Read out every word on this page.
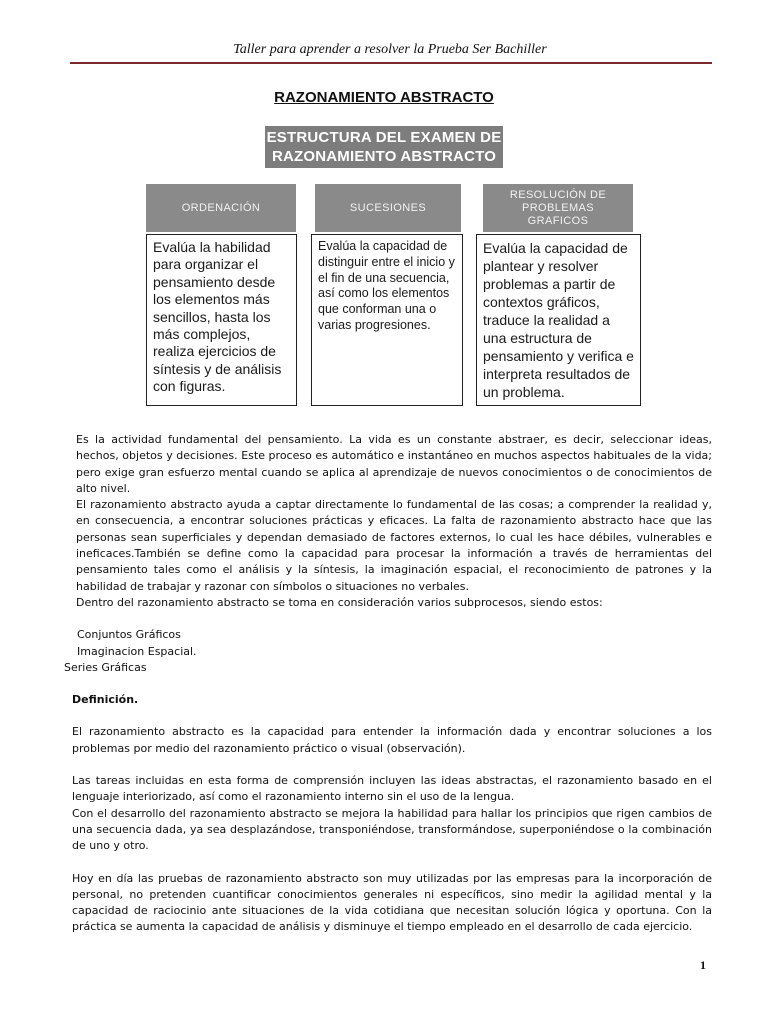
Taller para aprender a resolver la Prueba Ser Bachiller
RAZONAMIENTO ABSTRACTO
ESTRUCTURA DEL EXAMEN DE
RAZONAMIENTO ABSTRACTO
ORDENACIÓN	SUCESIONES
RESOLUCIÓN DE
PROBLEMAS
GRAFICOS
Evalúa la habilidad para organizar el pensamiento desde los elementos más sencillos, hasta los más complejos, realiza ejercicios de síntesis y de análisis con figuras.
Evalúa la capacidad de distinguir entre el inicio y el fin de una secuencia, así como los elementos que conforman una o varias progresiones.
Evalúa la capacidad de plantear y resolver problemas a partir de contextos gráficos, traduce la realidad a una estructura de pensamiento y verifica e interpreta resultados de un problema.

Es la actividad fundamental del pensamiento. La vida es un constante abstraer, es decir, seleccionar ideas, hechos, objetos y decisiones. Este proceso es automático e instantáneo en muchos aspectos habituales de la vida; pero exige gran esfuerzo mental cuando se aplica al aprendizaje de nuevos conocimientos o de conocimientos de alto nivel.

El razonamiento abstracto ayuda a captar directamente lo fundamental de las cosas; a comprender la realidad y, en consecuencia, a encontrar soluciones prácticas y eficaces. La falta de razonamiento abstracto hace que las personas sean superficiales y dependan demasiado de factores externos, lo cual les hace débiles, vulnerables e ineficaces.También se define como la capacidad para procesar la información a través de herramientas del pensamiento tales como el análisis y la síntesis, la imaginación espacial, el reconocimiento de patrones y la habilidad de trabajar y razonar con símbolos o situaciones no verbales.

Dentro del razonamiento abstracto se toma en consideración varios subprocesos, siendo estos:

Conjuntos Gráficos

Imaginacion Espacial.

Series Gráficas

Definición.

El razonamiento abstracto es la capacidad para entender la información dada y encontrar soluciones a los problemas por medio del razonamiento práctico o visual (observación).

Las tareas incluidas en esta forma de comprensión incluyen las ideas abstractas, el razonamiento basado en el lenguaje interiorizado, así como el razonamiento interno sin el uso de la lengua.

Con el desarrollo del razonamiento abstracto se mejora la habilidad para hallar los principios que rigen cambios de una secuencia dada, ya sea desplazándose, transponiéndose, transformándose, superponiéndose o la combinación de uno y otro.

Hoy en día las pruebas de razonamiento abstracto son muy utilizadas por las empresas para la incorporación de personal, no pretenden cuantificar conocimientos generales ni específicos, sino medir la agilidad mental y la capacidad de raciocinio ante situaciones de la vida cotidiana que necesitan solución lógica y oportuna. Con la práctica se aumenta la capacidad de análisis y disminuye el tiempo empleado en el desarrollo de cada ejercicio.

1
